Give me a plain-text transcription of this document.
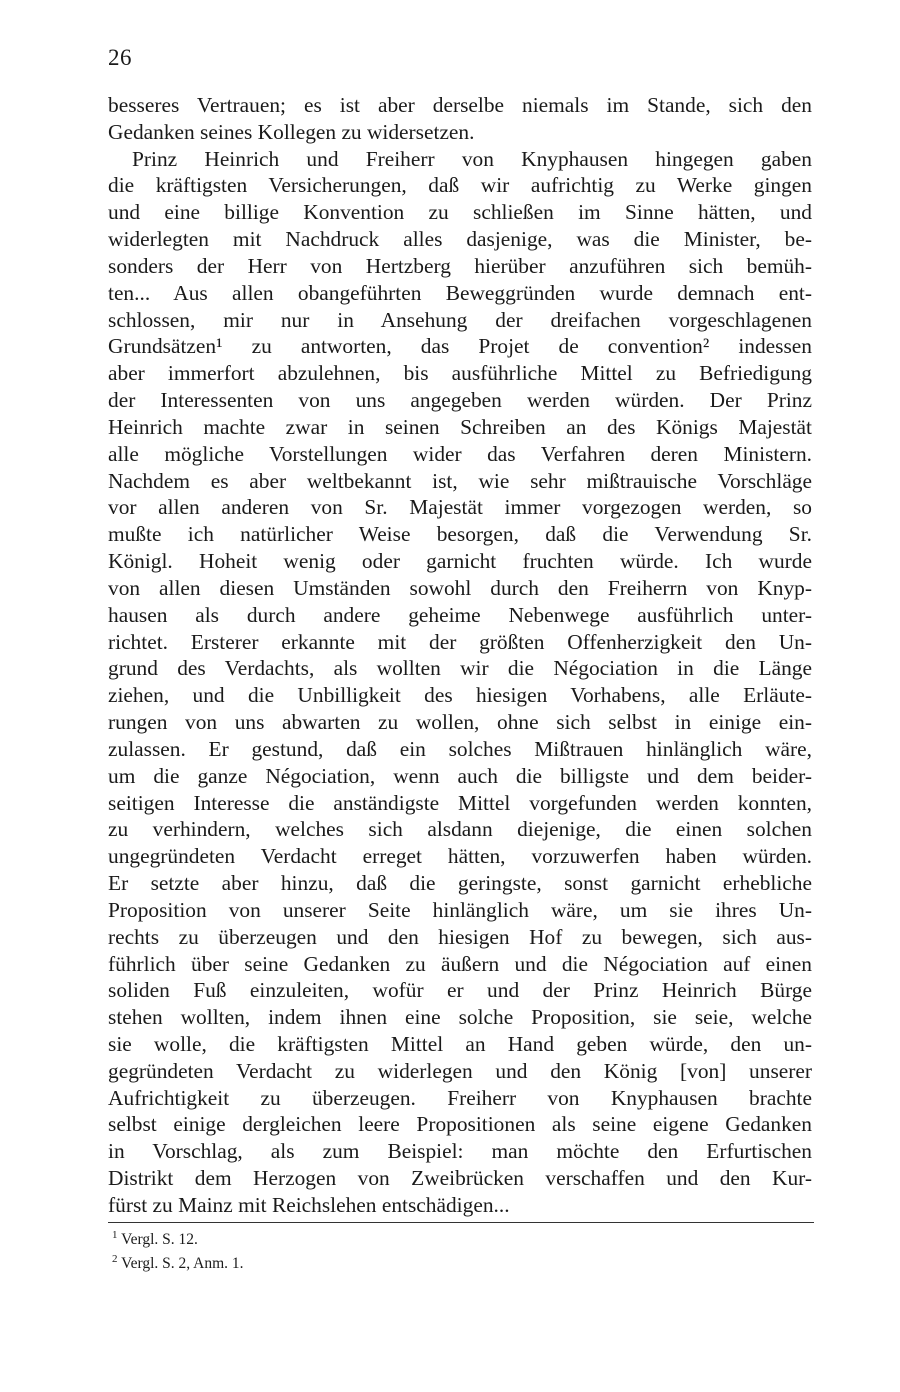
26
besseres Vertrauen; es ist aber derselbe niemals im Stande, sich den
Gedanken seines Kollegen zu widersetzen.
Prinz Heinrich und Freiherr von Knyphausen hingegen gaben
die kräftigsten Versicherungen, daß wir aufrichtig zu Werke gingen
und eine billige Konvention zu schließen im Sinne hätten, und
widerlegten mit Nachdruck alles dasjenige, was die Minister, be-
sonders der Herr von Hertzberg hierüber anzuführen sich bemüh-
ten... Aus allen obangeführten Beweggründen wurde demnach ent-
schlossen, mir nur in Ansehung der dreifachen vorgeschlagenen
Grundsätzen¹ zu antworten, das Projet de convention² indessen
aber immerfort abzulehnen, bis ausführliche Mittel zu Befriedigung
der Interessenten von uns angegeben werden würden. Der Prinz
Heinrich machte zwar in seinen Schreiben an des Königs Majestät
alle mögliche Vorstellungen wider das Verfahren deren Ministern.
Nachdem es aber weltbekannt ist, wie sehr mißtrauische Vorschläge
vor allen anderen von Sr. Majestät immer vorgezogen werden, so
mußte ich natürlicher Weise besorgen, daß die Verwendung Sr.
Königl. Hoheit wenig oder garnicht fruchten würde. Ich wurde
von allen diesen Umständen sowohl durch den Freiherrn von Knyp-
hausen als durch andere geheime Nebenwege ausführlich unter-
richtet. Ersterer erkannte mit der größten Offenherzigkeit den Un-
grund des Verdachts, als wollten wir die Négociation in die Länge
ziehen, und die Unbilligkeit des hiesigen Vorhabens, alle Erläute-
rungen von uns abwarten zu wollen, ohne sich selbst in einige ein-
zulassen. Er gestund, daß ein solches Mißtrauen hinlänglich wäre,
um die ganze Négociation, wenn auch die billigste und dem beider-
seitigen Interesse die anständigste Mittel vorgefunden werden konnten,
zu verhindern, welches sich alsdann diejenige, die einen solchen
ungegründeten Verdacht erreget hätten, vorzuwerfen haben würden.
Er setzte aber hinzu, daß die geringste, sonst garnicht erhebliche
Proposition von unserer Seite hinlänglich wäre, um sie ihres Un-
rechts zu überzeugen und den hiesigen Hof zu bewegen, sich aus-
führlich über seine Gedanken zu äußern und die Négociation auf einen
soliden Fuß einzuleiten, wofür er und der Prinz Heinrich Bürge
stehen wollten, indem ihnen eine solche Proposition, sie seie, welche
sie wolle, die kräftigsten Mittel an Hand geben würde, den un-
gegründeten Verdacht zu widerlegen und den König [von] unserer
Aufrichtigkeit zu überzeugen. Freiherr von Knyphausen brachte
selbst einige dergleichen leere Propositionen als seine eigene Gedanken
in Vorschlag, als zum Beispiel: man möchte den Erfurtischen
Distrikt dem Herzogen von Zweibrücken verschaffen und den Kur-
fürst zu Mainz mit Reichslehen entschädigen...
$^1$ Vergl. S. 12.
$^2$ Vergl. S. 2, Anm. 1.
